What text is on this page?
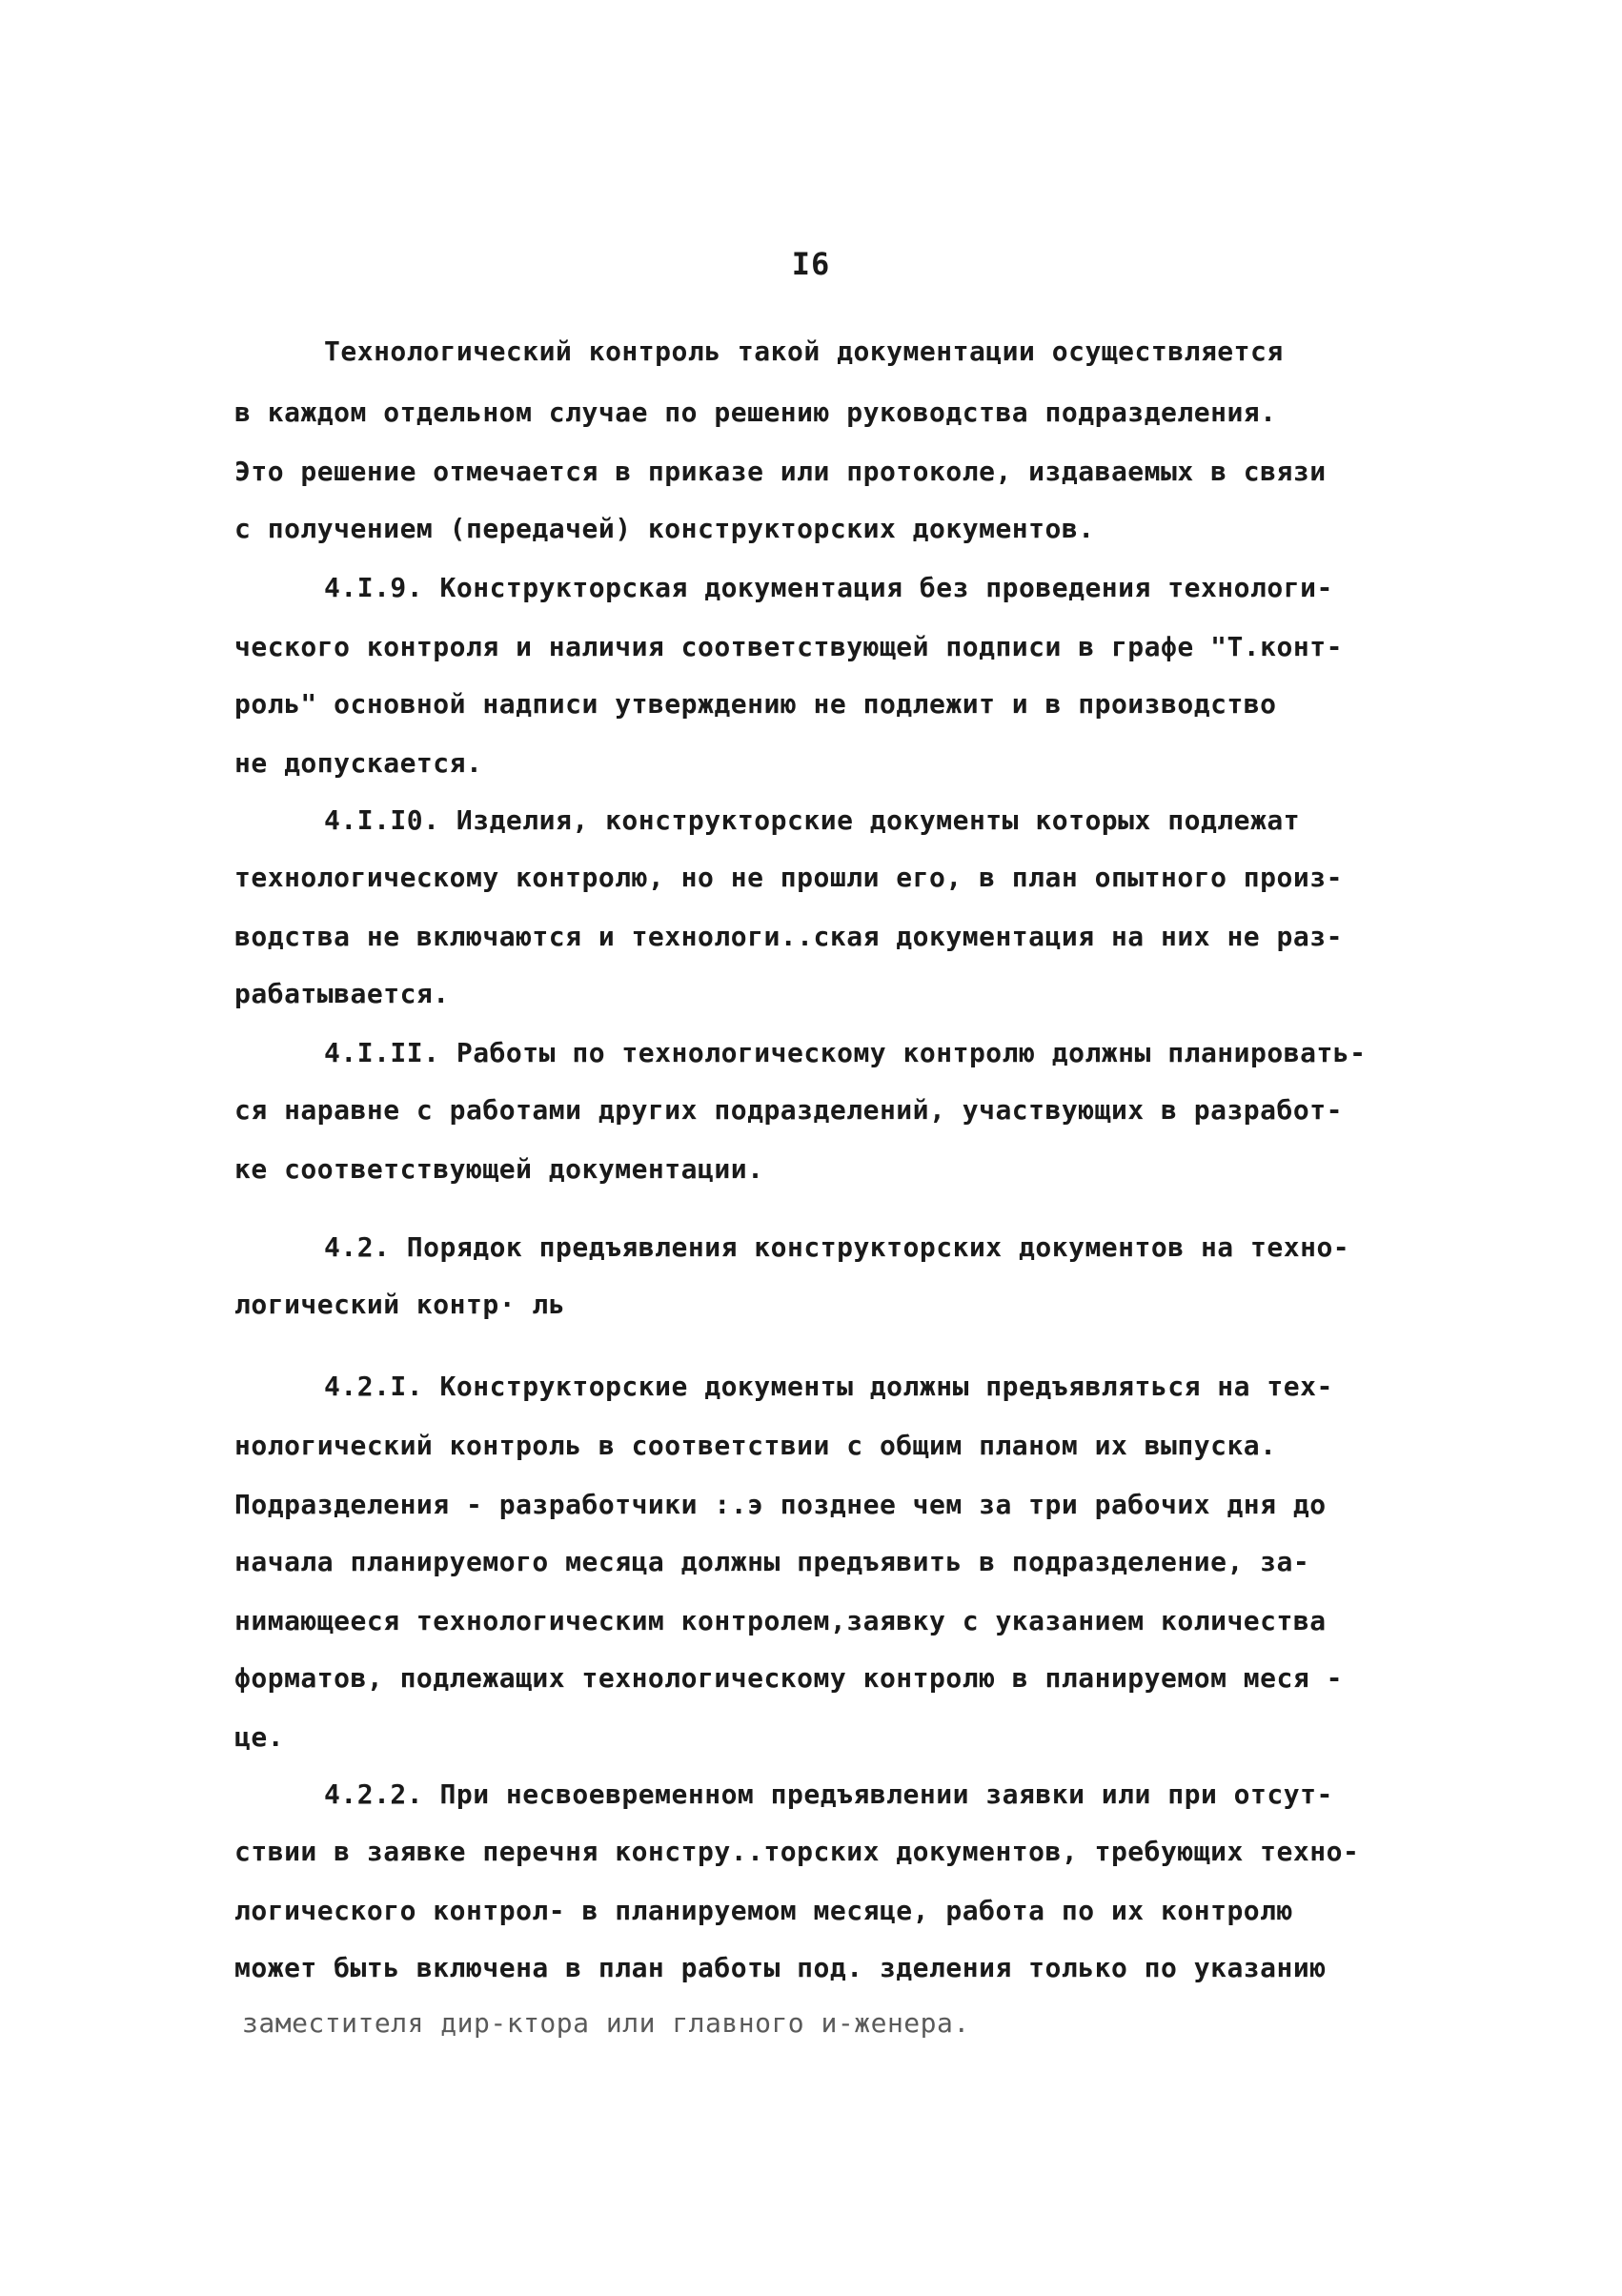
I6
Технологический контроль такой документации осуществляется
в каждом отдельном случае по решению руководства подразделения.
Это решение отмечается в приказе или протоколе, издаваемых в связи
с получением (передачей) конструкторских документов.
4.I.9. Конструкторская документация без проведения технологи-
ческого контроля и наличия соответствующей подписи в графе "Т.конт-
роль" основной надписи утверждению не подлежит и в производство
не допускается.
4.I.I0. Изделия, конструкторские документы которых подлежат
технологическому контролю, но не прошли его, в план опытного произ-
водства не включаются и технологи..ская документация на них не раз-
рабатывается.
4.I.II. Работы по технологическому контролю должны планировать-
ся наравне с работами других подразделений, участвующих в разработ-
ке соответствующей документации.
4.2. Порядок предъявления конструкторских документов на техно-
логический контр· ль
4.2.I. Конструкторские документы должны предъявляться на тех-
нологический контроль в соответствии с общим планом их выпуска.
Подразделения - разработчики :.э позднее чем за три рабочих дня до
начала планируемого месяца должны предъявить в подразделение, за-
нимающееся технологическим контролем,заявку с указанием количества
форматов, подлежащих технологическому контролю в планируемом меся -
це.
4.2.2. При несвоевременном предъявлении заявки или при отсут-
ствии в заявке перечня констру..торских документов, требующих техно-
логического контрол- в планируемом месяце, работа по их контролю
может быть включена в план работы под. зделения только по указанию
заместителя дир-ктора или главного и-женера.
